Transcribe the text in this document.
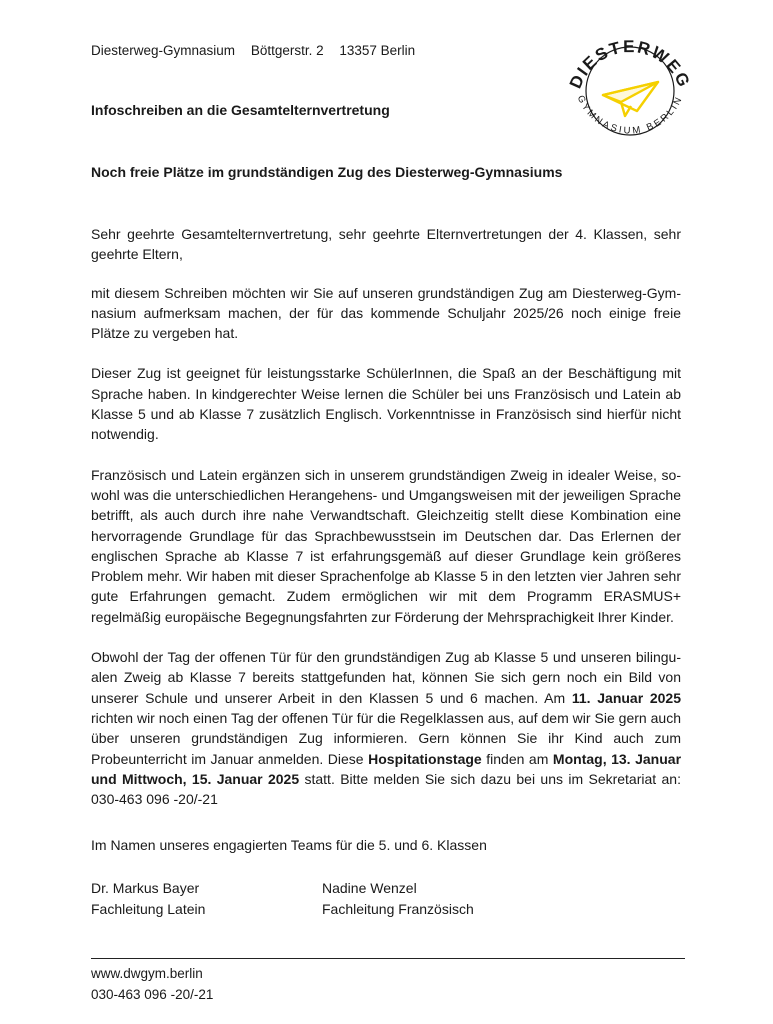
Diesterweg-Gymnasium Böttgerstr. 2 13357 Berlin
DIESTERWEG
GYMNASIUM BERLIN
Infoschreiben an die Gesamtelternvertretung
Noch freie Plätze im grundständigen Zug des Diesterweg-Gymnasiums

Sehr geehrte Gesamtelternvertretung, sehr geehrte Elternvertretungen der 4. Klassen, sehr geehrte Eltern,

mit diesem Schreiben möchten wir Sie auf unseren grundständigen Zug am Diesterweg-Gymnasium aufmerksam machen, der für das kommende Schuljahr 2025/26 noch einige freie Plätze zu vergeben hat.

Dieser Zug ist geeignet für leistungsstarke SchülerInnen, die Spaß an der Beschäftigung mit Sprache haben. In kindgerechter Weise lernen die Schüler bei uns Französisch und Latein ab Klasse 5 und ab Klasse 7 zusätzlich Englisch. Vorkenntnisse in Französisch sind hierfür nicht notwendig.

Französisch und Latein ergänzen sich in unserem grundständigen Zweig in idealer Weise, sowohl was die unterschiedlichen Herangehens- und Umgangsweisen mit der jeweiligen Sprache betrifft, als auch durch ihre nahe Verwandtschaft. Gleichzeitig stellt diese Kombination eine hervorragende Grundlage für das Sprachbewusstsein im Deutschen dar. Das Erlernen der englischen Sprache ab Klasse 7 ist erfahrungsgemäß auf dieser Grundlage kein größeres Problem mehr. Wir haben mit dieser Sprachenfolge ab Klasse 5 in den letzten vier Jahren sehr gute Erfahrungen gemacht. Zudem ermöglichen wir mit dem Programm ERASMUS+ regelmäßig europäische Begegnungsfahrten zur Förderung der Mehrsprachigkeit Ihrer Kinder.

Obwohl der Tag der offenen Tür für den grundständigen Zug ab Klasse 5 und unseren bilingualen Zweig ab Klasse 7 bereits stattgefunden hat, können Sie sich gern noch ein Bild von unserer Schule und unserer Arbeit in den Klassen 5 und 6 machen. Am 11. Januar 2025 richten wir noch einen Tag der offenen Tür für die Regelklassen aus, auf dem wir Sie gern auch über unseren grundständigen Zug informieren. Gern können Sie ihr Kind auch zum Probeunterricht im Januar anmelden. Diese Hospitationstage finden am Montag, 13. Januar und Mittwoch, 15. Januar 2025 statt. Bitte melden Sie sich dazu bei uns im Sekretariat an: 030-463 096 -20/-21

Im Namen unseres engagierten Teams für die 5. und 6. Klassen
Dr. Markus Bayer
Fachleitung Latein
Nadine Wenzel
Fachleitung Französisch
www.dwgym.berlin
030-463 096 -20/-21
